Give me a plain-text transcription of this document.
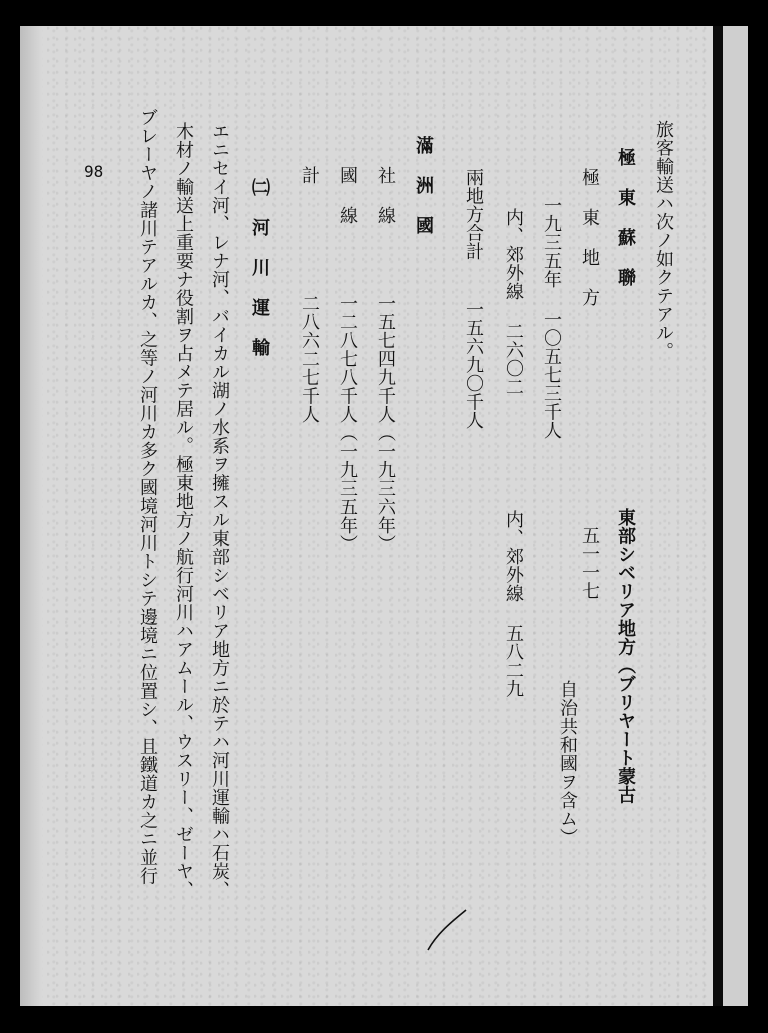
旅客輸送ハ次ノ如クテアル。
極 東 蘇 聯
東部シベリア地方（ブリヤート蒙古
極 東 地 方
五一一七
自治共和國ヲ含ム）
一九三五年 一〇五七三千人
内、郊外線 二六〇二
内、郊外線 五八二九
兩地方合計
一五六九〇千人
滿 洲 國
社 線
一五七四九千人（一九三六年）
國 線
一二八七八千人（一九三五年）
計
二八六二七千人
㈡ 河 川 運 輸
エニセイ河、レナ河、バイカル湖ノ水系ヲ擁スル東部シベリア地方ニ於テハ河川運輸ハ石炭、
木材ノ輸送上重要ナ役割ヲ占メテ居ル。極東地方ノ航行河川ハアムール、ウスリー、ゼーヤ、
ブレーヤノ諸川テアルカ、之等ノ河川カ多ク國境河川トシテ邊境ニ位置シ、且鐵道カ之ニ並行
98
